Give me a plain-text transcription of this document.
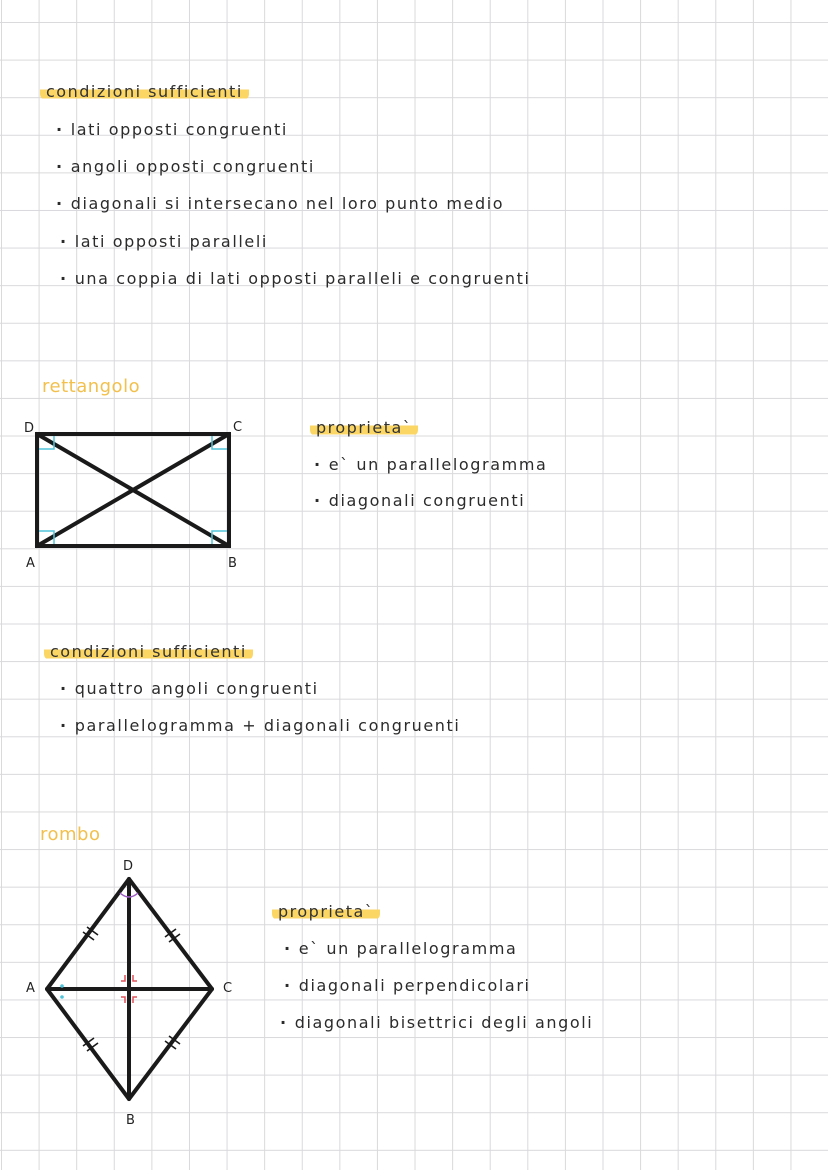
condizioni sufficienti
· lati opposti congruenti
· angoli opposti congruenti
· diagonali si intersecano nel loro punto medio
· lati opposti paralleli
· una coppia di lati opposti paralleli e congruenti
rettangolo
D	C
A	B
proprieta`
· e` un parallelogramma
· diagonali congruenti
condizioni sufficienti
· quattro angoli congruenti
· parallelogramma + diagonali congruenti
rombo
D
C
A
B
proprieta`
· e` un parallelogramma
· diagonali perpendicolari
· diagonali bisettrici degli angoli
